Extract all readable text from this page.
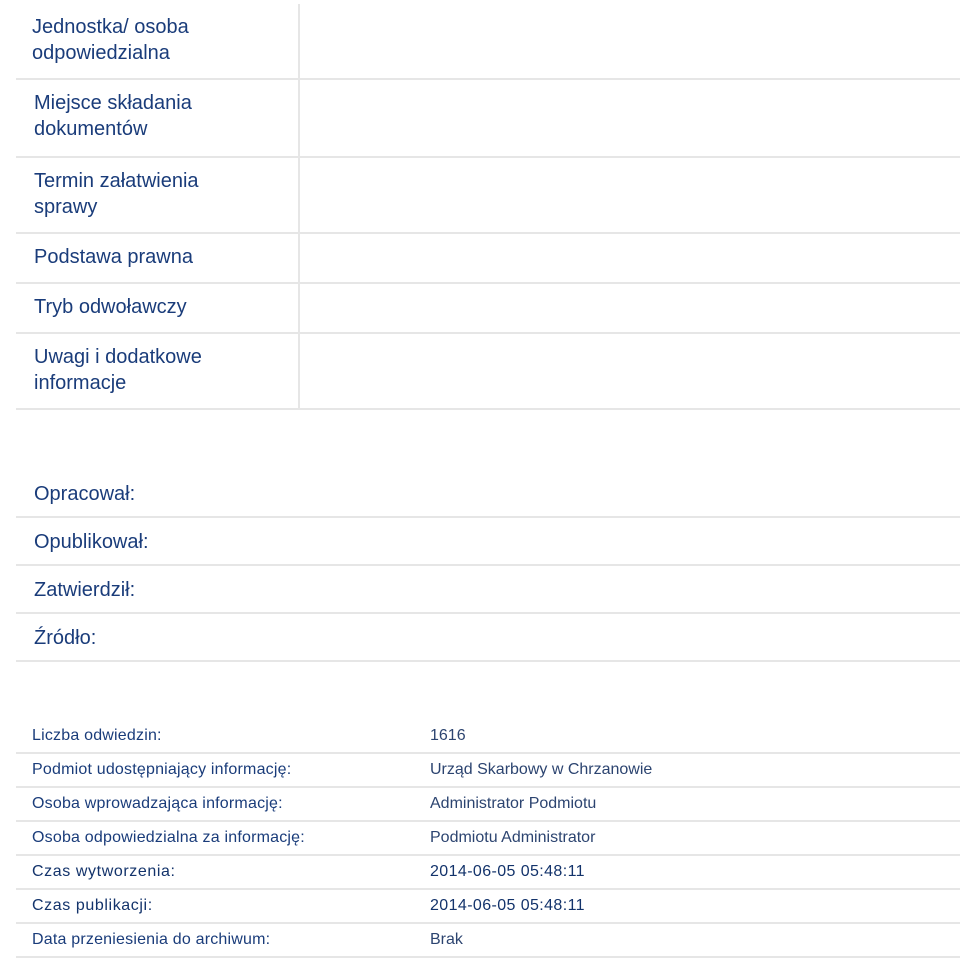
Jednostka/ osoba
odpowiedzialna
Miejsce składania
dokumentów
Termin załatwienia
sprawy
Podstawa prawna
Tryb odwoławczy
Uwagi i dodatkowe
informacje
Opracował:
Opublikował:
Zatwierdził:
Źródło:
Liczba odwiedzin:	1616
Podmiot udostępniający informację:	Urząd Skarbowy w Chrzanowie
Osoba wprowadzająca informację:	Administrator Podmiotu
Osoba odpowiedzialna za informację:	Podmiotu Administrator
Czas wytworzenia:	2014-06-05 05:48:11
Czas publikacji:	2014-06-05 05:48:11
Data przeniesienia do archiwum:	Brak
